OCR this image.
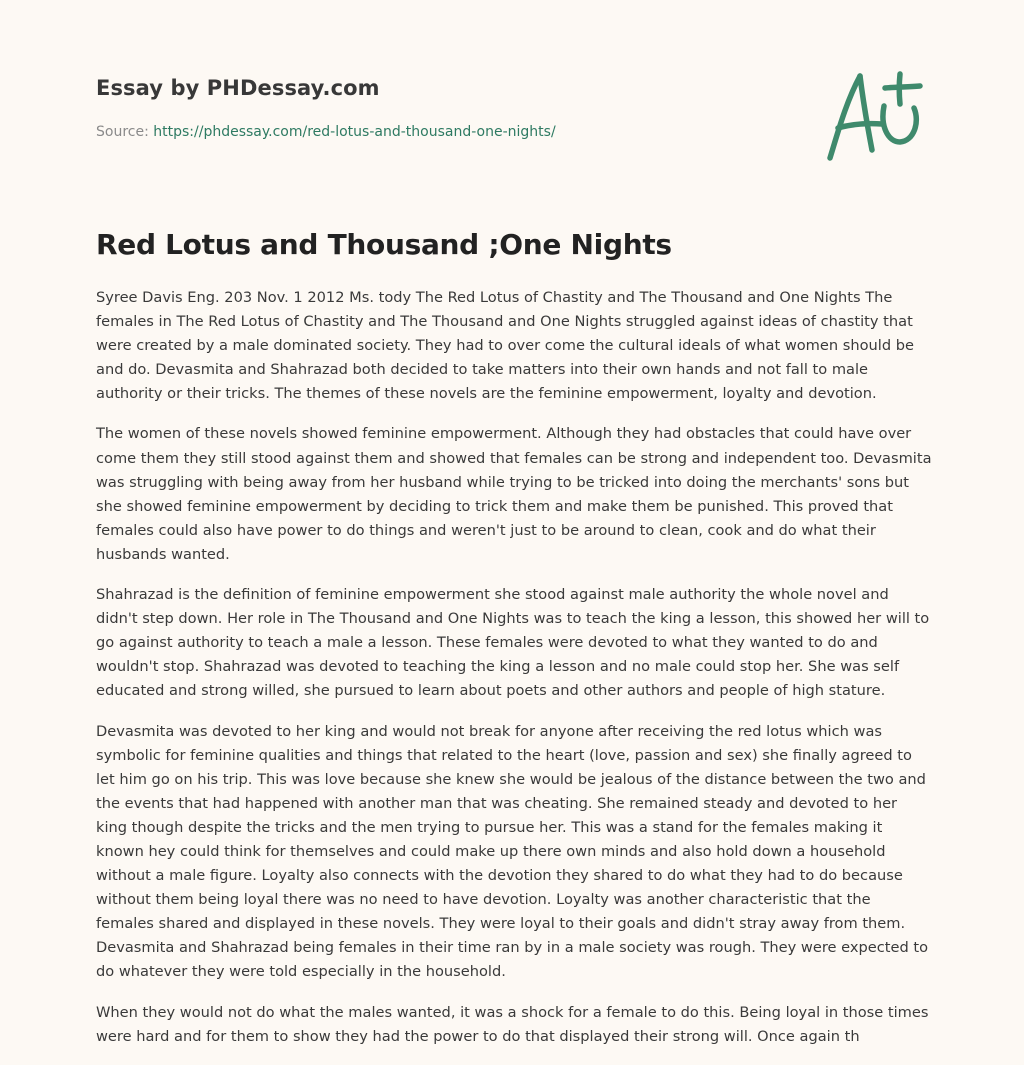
Essay by PHDessay.com
Source: https://phdessay.com/red-lotus-and-thousand-one-nights/
Red Lotus and Thousand ;One Nights

Syree Davis Eng. 203 Nov. 1 2012 Ms. tody The Red Lotus of Chastity and The Thousand and One Nights The females in The Red Lotus of Chastity and The Thousand and One Nights struggled against ideas of chastity that were created by a male dominated society. They had to over come the cultural ideals of what women should be and do. Devasmita and Shahrazad both decided to take matters into their own hands and not fall to male authority or their tricks. The themes of these novels are the feminine empowerment, loyalty and devotion.

The women of these novels showed feminine empowerment. Although they had obstacles that could have over come them they still stood against them and showed that females can be strong and independent too. Devasmita was struggling with being away from her husband while trying to be tricked into doing the merchants' sons but she showed feminine empowerment by deciding to trick them and make them be punished. This proved that females could also have power to do things and weren't just to be around to clean, cook and do what their husbands wanted.

Shahrazad is the definition of feminine empowerment she stood against male authority the whole novel and didn't step down. Her role in The Thousand and One Nights was to teach the king a lesson, this showed her will to go against authority to teach a male a lesson. These females were devoted to what they wanted to do and wouldn't stop. Shahrazad was devoted to teaching the king a lesson and no male could stop her. She was self educated and strong willed, she pursued to learn about poets and other authors and people of high stature.

Devasmita was devoted to her king and would not break for anyone after receiving the red lotus which was symbolic for feminine qualities and things that related to the heart (love, passion and sex) she finally agreed to let him go on his trip. This was love because she knew she would be jealous of the distance between the two and the events that had happened with another man that was cheating. She remained steady and devoted to her king though despite the tricks and the men trying to pursue her. This was a stand for the females making it known hey could think for themselves and could make up there own minds and also hold down a household without a male figure. Loyalty also connects with the devotion they shared to do what they had to do because without them being loyal there was no need to have devotion. Loyalty was another characteristic that the females shared and displayed in these novels. They were loyal to their goals and didn't stray away from them. Devasmita and Shahrazad being females in their time ran by in a male society was rough. They were expected to do whatever they were told especially in the household.

When they would not do what the males wanted, it was a shock for a female to do this. Being loyal in those times were hard and for them to show they had the power to do that displayed their strong will. Once again th
